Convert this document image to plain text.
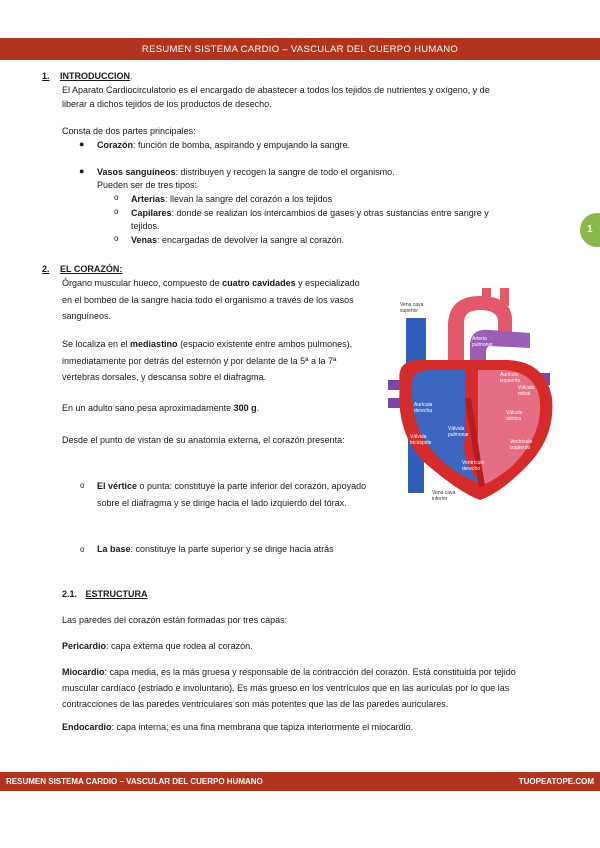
RESUMEN SISTEMA CARDIO – VASCULAR DEL CUERPO HUMANO
1
1. INTRODUCCION.
El Aparato Cardiocirculatorio es el encargado de abastecer a todos los tejidos de nutrientes y oxígeno, y de
liberar a dichos tejidos de los productos de desecho.
Consta de dos partes principales:
● Corazón: función de bomba, aspirando y empujando la sangre.
● Vasos sanguíneos: distribuyen y recogen la sangre de todo el organismo.
Pueden ser de tres tipos:
o Arterias: llevan la sangre del corazón a los tejidos
o Capilares: donde se realizan los intercambios de gases y otras sustancias entre sangre y
tejidos.
o Venas: encargadas de devolver la sangre al corazón.
2. EL CORAZÓN:
Órgano muscular hueco, compuesto de cuatro cavidades y especializado en el bombeo de la sangre hacia todo el organismo a través de los vasos sanguíneos.
Se localiza en el mediastino (espacio existente entre ambos pulmones), inmediatamente por detrás del esternón y por delante de la 5ª a la 7ª vértebras dorsales, y descansa sobre el diafragma.
En un adulto sano pesa aproximadamente 300 g.
Desde el punto de vistan de su anatomía externa, el corazón presenta:
o El vértice o punta: constituye la parte inferior del corazón, apoyado sobre el diafragma y se dirige hacia el lado izquierdo del tórax.
o La base: constituye la parte superior y se dirige hacia atrás
Vena cava
superior
Aorta
Arteria
pulmonar
Aurícula
izquierda
Válvula
mitral
Aurícula
derecha	Válvula
aórtica
Válvula
pulmonar
Válvula
tricúspide	Ventrículo
izquierdo
Ventrículo
derecho
Vena cava
inferior
2.1. ESTRUCTURA
Las paredes del corazón están formadas por tres capas:
Pericardio: capa externa que rodea al corazón.
Miocardio: capa media, es la más gruesa y responsable de la contracción del corazón. Está constituida por tejido muscular cardíaco (estriado e involuntario). Es más grueso en los ventrículos que en las aurículas por lo que las contracciones de las paredes ventriculares son más potentes que las de las paredes auriculares.
Endocardio: capa interna; es una fina membrana que tapiza interiormente el miocardio.
RESUMEN SISTEMA CARDIO – VASCULAR DEL CUERPO HUMANO	TUOPEATOPE.COM
